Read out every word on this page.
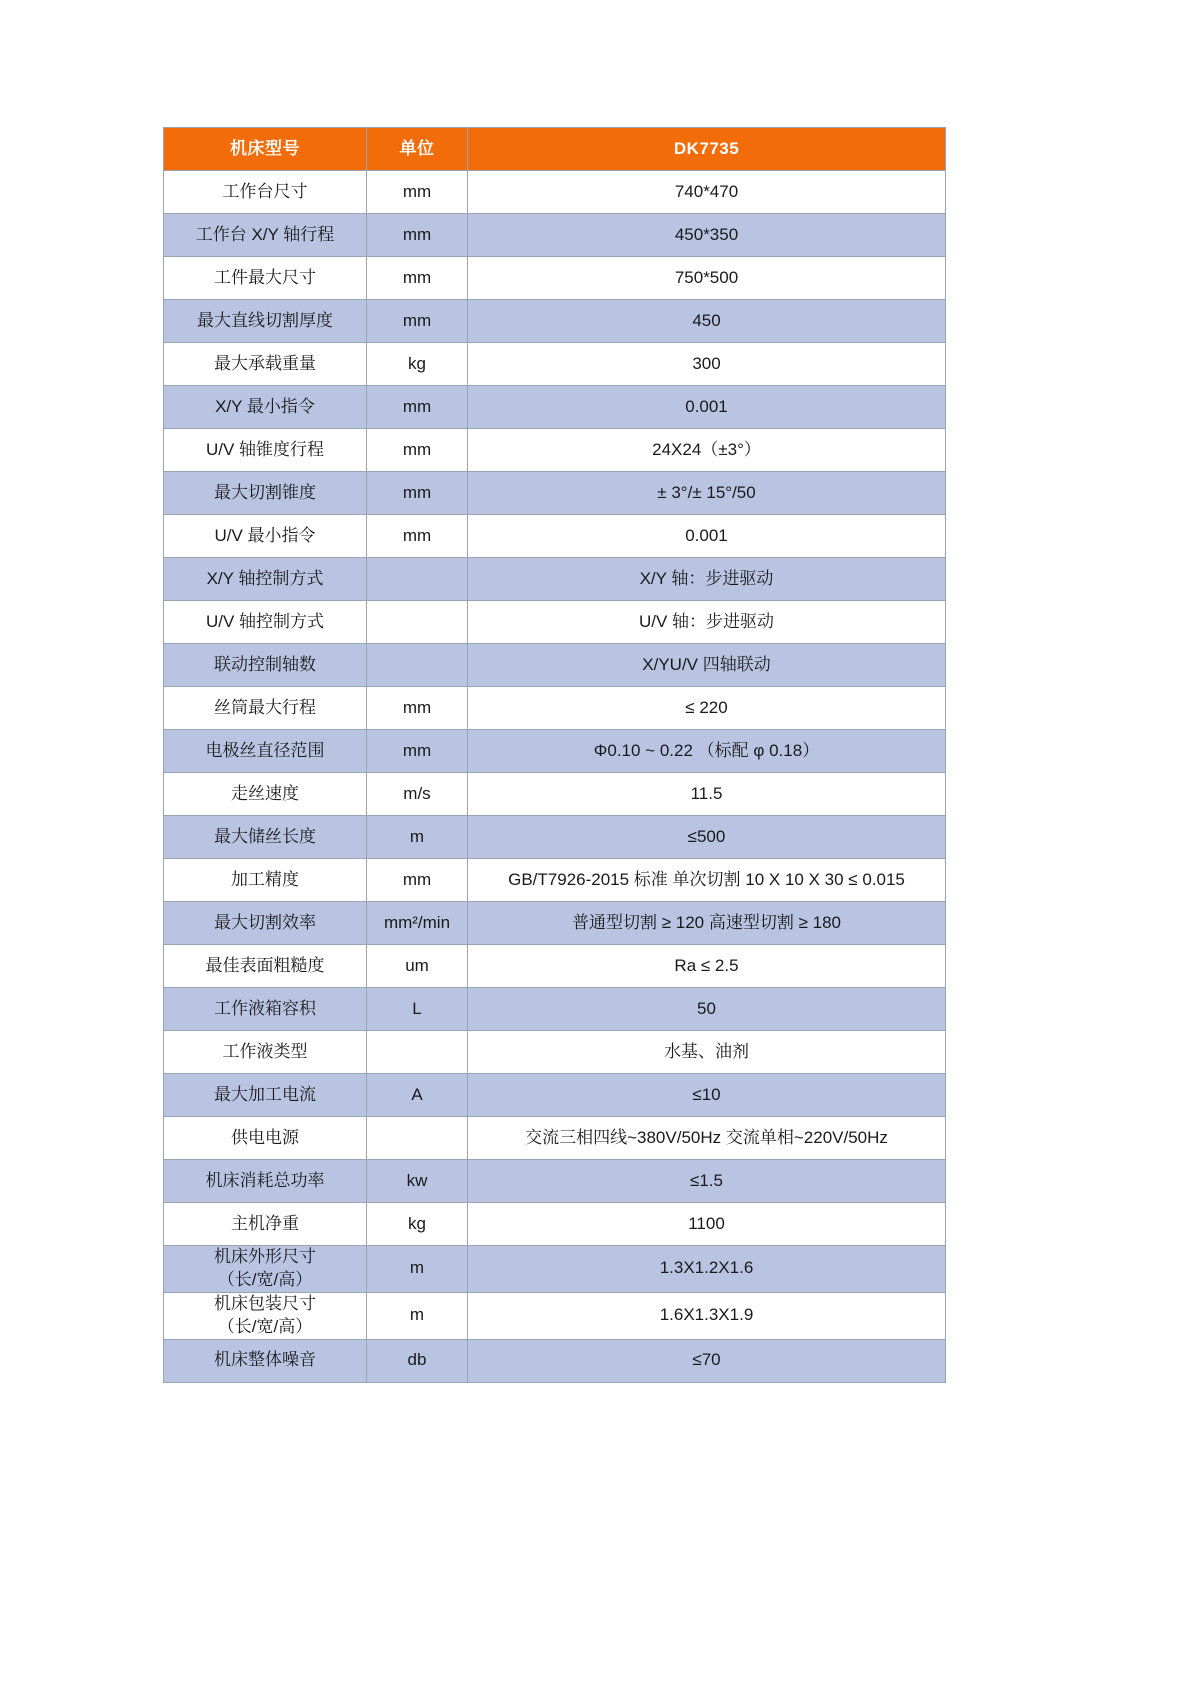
机床型号	单位	DK7735
工作台尺寸	mm	740*470
工作台 X/Y 轴行程	mm	450*350
工件最大尺寸	mm	750*500
最大直线切割厚度	mm	450
最大承载重量	kg	300
X/Y 最小指令	mm	0.001
U/V 轴锥度行程	mm	24X24（±3°）
最大切割锥度	mm	± 3°/± 15°/50
U/V 最小指令	mm	0.001
X/Y 轴控制方式		X/Y 轴：步进驱动
U/V 轴控制方式		U/V 轴：步进驱动
联动控制轴数		X/YU/V 四轴联动
丝筒最大行程	mm	≤ 220
电极丝直径范围	mm	Φ0.10 ~ 0.22 （标配 φ 0.18）
走丝速度	m/s	11.5
最大储丝长度	m	≤500
加工精度	mm	GB/T7926-2015 标准 单次切割 10 X 10 X 30 ≤ 0.015
最大切割效率	mm²/min	普通型切割 ≥ 120 高速型切割 ≥ 180
最佳表面粗糙度	um	Ra ≤ 2.5
工作液箱容积	L	50
工作液类型		水基、油剂
最大加工电流	A	≤10
供电电源		交流三相四线~380V/50Hz 交流单相~220V/50Hz
机床消耗总功率	kw	≤1.5
主机净重	kg	1100

机床外形尺寸
（长/宽/高）	m	1.3X1.2X1.6

机床包装尺寸
（长/宽/高）	m	1.6X1.3X1.9
机床整体噪音	db	≤70
